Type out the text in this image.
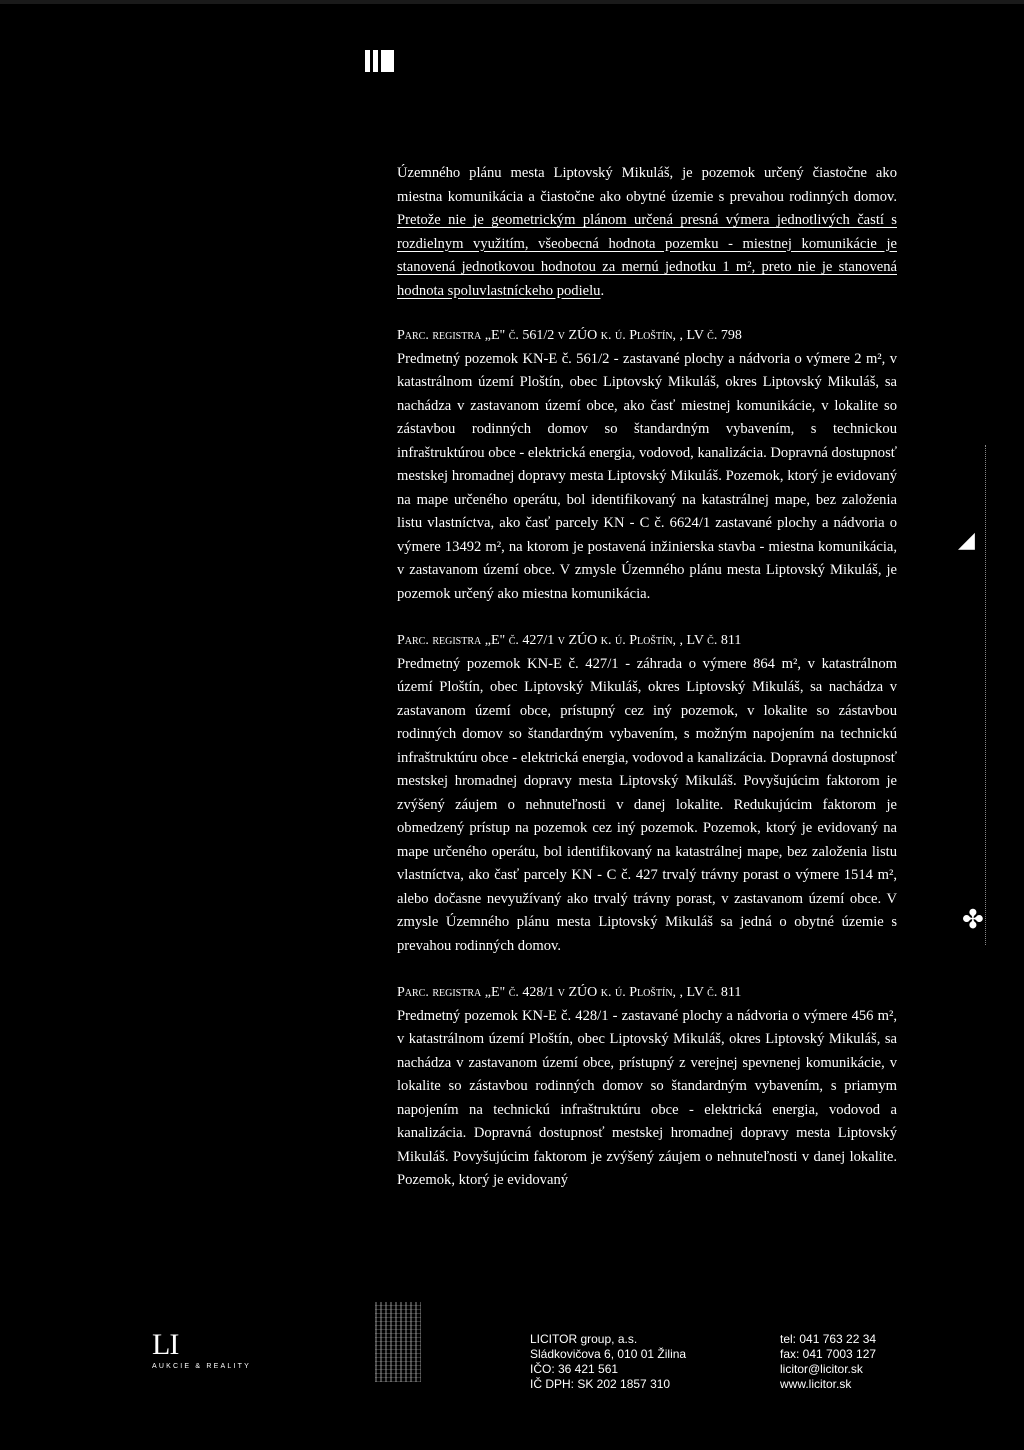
Územného plánu mesta Liptovský Mikuláš, je pozemok určený čiastočne ako miestna komunikácia a čiastočne ako obytné územie s prevahou rodinných domov. Pretože nie je geometrickým plánom určená presná výmera jednotlivých častí s rozdielnym využitím, všeobecná hodnota pozemku - miestnej komunikácie je stanovená jednotkovou hodnotou za mernú jednotku 1 m², preto nie je stanovená hodnota spoluvlastníckeho podielu.

Parc. registra „E" č. 561/2 v ZÚO k. ú. Ploštín, , LV č. 798

Predmetný pozemok KN-E č. 561/2 - zastavané plochy a nádvoria o výmere 2 m², v katastrálnom území Ploštín, obec Liptovský Mikuláš, okres Liptovský Mikuláš, sa nachádza v zastavanom území obce, ako časť miestnej komunikácie, v lokalite so zástavbou rodinných domov so štandardným vybavením, s technickou infraštruktúrou obce - elektrická energia, vodovod, kanalizácia. Dopravná dostupnosť mestskej hromadnej dopravy mesta Liptovský Mikuláš. Pozemok, ktorý je evidovaný na mape určeného operátu, bol identifikovaný na katastrálnej mape, bez založenia listu vlastníctva, ako časť parcely KN - C č. 6624/1 zastavané plochy a nádvoria o výmere 13492 m², na ktorom je postavená inžinierska stavba - miestna komunikácia, v zastavanom území obce. V zmysle Územného plánu mesta Liptovský Mikuláš, je pozemok určený ako miestna komunikácia.

Parc. registra „E" č. 427/1 v ZÚO k. ú. Ploštín, , LV č. 811

Predmetný pozemok KN-E č. 427/1 - záhrada o výmere 864 m², v katastrálnom území Ploštín, obec Liptovský Mikuláš, okres Liptovský Mikuláš, sa nachádza v zastavanom území obce, prístupný cez iný pozemok, v lokalite so zástavbou rodinných domov so štandardným vybavením, s možným napojením na technickú infraštruktúru obce - elektrická energia, vodovod a kanalizácia. Dopravná dostupnosť mestskej hromadnej dopravy mesta Liptovský Mikuláš. Povyšujúcim faktorom je zvýšený záujem o nehnuteľnosti v danej lokalite. Redukujúcim faktorom je obmedzený prístup na pozemok cez iný pozemok. Pozemok, ktorý je evidovaný na mape určeného operátu, bol identifikovaný na katastrálnej mape, bez založenia listu vlastníctva, ako časť parcely KN - C č. 427 trvalý trávny porast o výmere 1514 m², alebo dočasne nevyužívaný ako trvalý trávny porast, v zastavanom území obce. V zmysle Územného plánu mesta Liptovský Mikuláš sa jedná o obytné územie s prevahou rodinných domov.

Parc. registra „E" č. 428/1 v ZÚO k. ú. Ploštín, , LV č. 811

Predmetný pozemok KN-E č. 428/1 - zastavané plochy a nádvoria o výmere 456 m², v katastrálnom území Ploštín, obec Liptovský Mikuláš, okres Liptovský Mikuláš, sa nachádza v zastavanom území obce, prístupný z verejnej spevnenej komunikácie, v lokalite so zástavbou rodinných domov so štandardným vybavením, s priamym napojením na technickú infraštruktúru obce - elektrická energia, vodovod a kanalizácia. Dopravná dostupnosť mestskej hromadnej dopravy mesta Liptovský Mikuláš. Povyšujúcim faktorom je zvýšený záujem o nehnuteľnosti v danej lokalite. Pozemok, ktorý je evidovaný

◢
✤
LI
AUKCIE & REALITY
LICITOR group, a.s.
Sládkovičova 6, 010 01 Žilina
IČO: 36 421 561
IČ DPH: SK 202 1857 310
tel: 041 763 22 34
fax: 041 7003 127
licitor@licitor.sk
www.licitor.sk
